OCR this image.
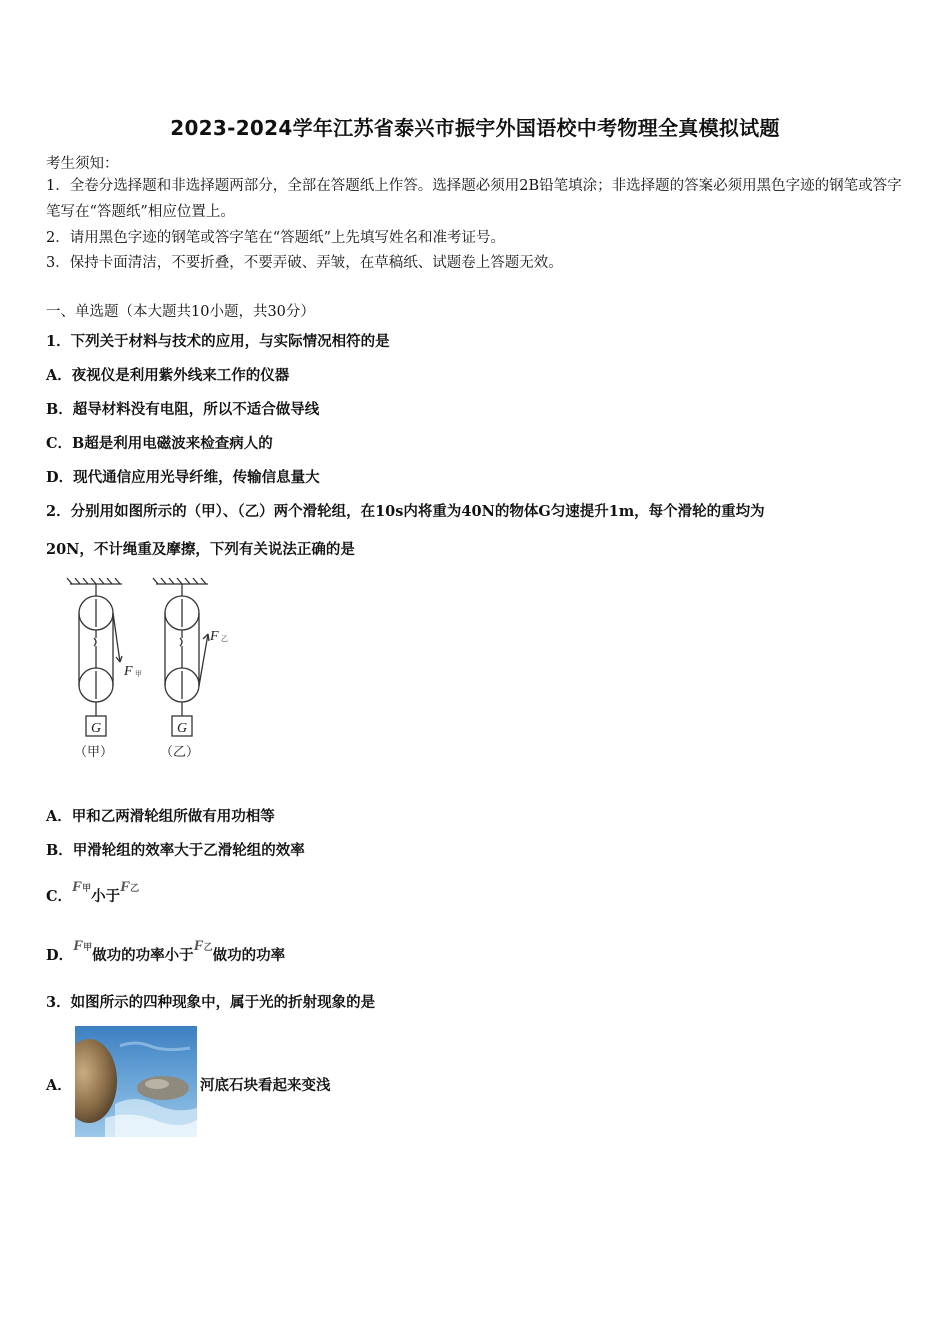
2023-2024学年江苏省泰兴市振宇外国语校中考物理全真模拟试题
考生须知：
1．全卷分选择题和非选择题两部分，全部在答题纸上作答。选择题必须用2B铅笔填涂；非选择题的答案必须用黑色字迹的钢笔或答字笔写在“答题纸”相应位置上。
2．请用黑色字迹的钢笔或答字笔在“答题纸”上先填写姓名和准考证号。
3．保持卡面清洁，不要折叠，不要弄破、弄皱，在草稿纸、试题卷上答题无效。
一、单选题（本大题共10小题，共30分）
1．下列关于材料与技术的应用，与实际情况相符的是
A．夜视仪是利用紫外线来工作的仪器
B．超导材料没有电阻，所以不适合做导线
C．B超是利用电磁波来检查病人的
D．现代通信应用光导纤维，传输信息量大
2．分别用如图所示的（甲）、（乙）两个滑轮组，在10s内将重为40N的物体G匀速提升1m，每个滑轮的重均为
20N，不计绳重及摩擦，下列有关说法正确的是
G	G
F
F
甲
乙
（甲）	（乙）
A．甲和乙两滑轮组所做有用功相等
B．甲滑轮组的效率大于乙滑轮组的效率
C．F甲小于F乙
D．F甲做功的功率小于F乙做功的功率
3．如图所示的四种现象中，属于光的折射现象的是
A．	河底石块看起来变浅
